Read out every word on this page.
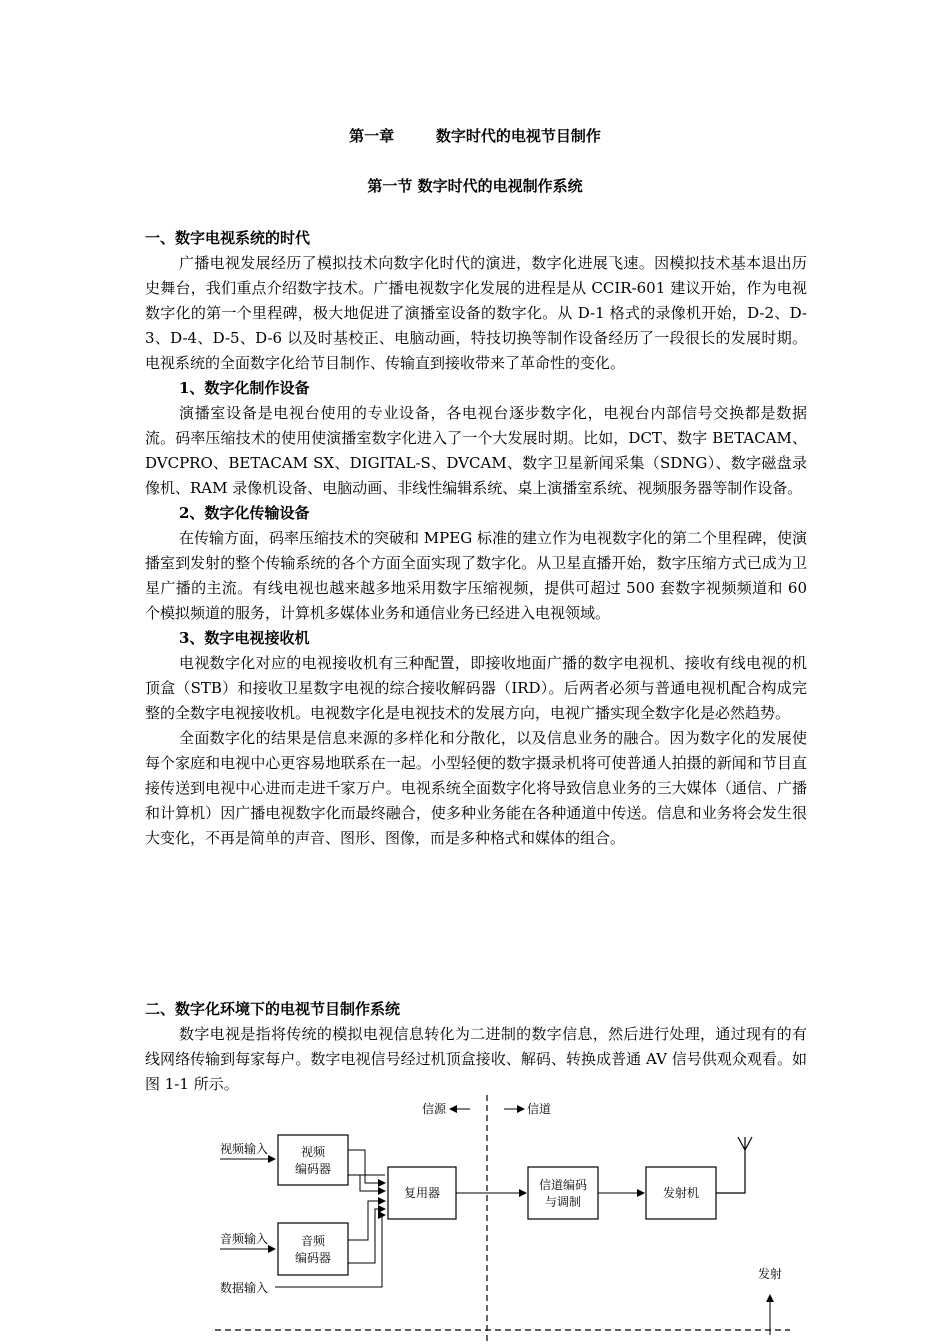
第一章        数字时代的电视节目制作
第一节 数字时代的电视制作系统
一、数字电视系统的时代

广播电视发展经历了模拟技术向数字化时代的演进，数字化进展飞速。因模拟技术基本退出历史舞台，我们重点介绍数字技术。广播电视数字化发展的进程是从 CCIR-601 建议开始，作为电视数字化的第一个里程碑，极大地促进了演播室设备的数字化。从 D-1 格式的录像机开始，D-2、D-3、D-4、D-5、D-6 以及时基校正、电脑动画，特技切换等制作设备经历了一段很长的发展时期。电视系统的全面数字化给节目制作、传输直到接收带来了革命性的变化。

1、数字化制作设备

演播室设备是电视台使用的专业设备，各电视台逐步数字化，电视台内部信号交换都是数据流。码率压缩技术的使用使演播室数字化进入了一个大发展时期。比如，DCT、数字 BETACAM、DVCPRO、BETACAM SX、DIGITAL-S、DVCAM、数字卫星新闻采集（SDNG）、数字磁盘录像机、RAM 录像机设备、电脑动画、非线性编辑系统、桌上演播室系统、视频服务器等制作设备。

2、数字化传输设备

在传输方面，码率压缩技术的突破和 MPEG 标准的建立作为电视数字化的第二个里程碑，使演播室到发射的整个传输系统的各个方面全面实现了数字化。从卫星直播开始，数字压缩方式已成为卫星广播的主流。有线电视也越来越多地采用数字压缩视频，提供可超过 500 套数字视频频道和 60 个模拟频道的服务，计算机多媒体业务和通信业务已经进入电视领域。

3、数字电视接收机

电视数字化对应的电视接收机有三种配置，即接收地面广播的数字电视机、接收有线电视的机顶盒（STB）和接收卫星数字电视的综合接收解码器（IRD）。后两者必须与普通电视机配合构成完整的全数字电视接收机。电视数字化是电视技术的发展方向，电视广播实现全数字化是必然趋势。

全面数字化的结果是信息来源的多样化和分散化，以及信息业务的融合。因为数字化的发展使每个家庭和电视中心更容易地联系在一起。小型轻便的数字摄录机将可使普通人拍摄的新闻和节目直接传送到电视中心进而走进千家万户。电视系统全面数字化将导致信息业务的三大媒体（通信、广播和计算机）因广播电视数字化而最终融合，使多种业务能在各种通道中传送。信息和业务将会发生很大变化，不再是简单的声音、图形、图像，而是多种格式和媒体的组合。

二、数字化环境下的电视节目制作系统

数字电视是指将传统的模拟电视信息转化为二进制的数字信息，然后进行处理，通过现有的有线网络传输到每家每户。数字电视信号经过机顶盒接收、解码、转换成普通 AV 信号供观众观看。如图 1-1 所示。

信源	信道
视频输入	视频
编码器
音频输入	音频
编码器
数据输入
复用器
信道编码
与调制
发射机
发射
